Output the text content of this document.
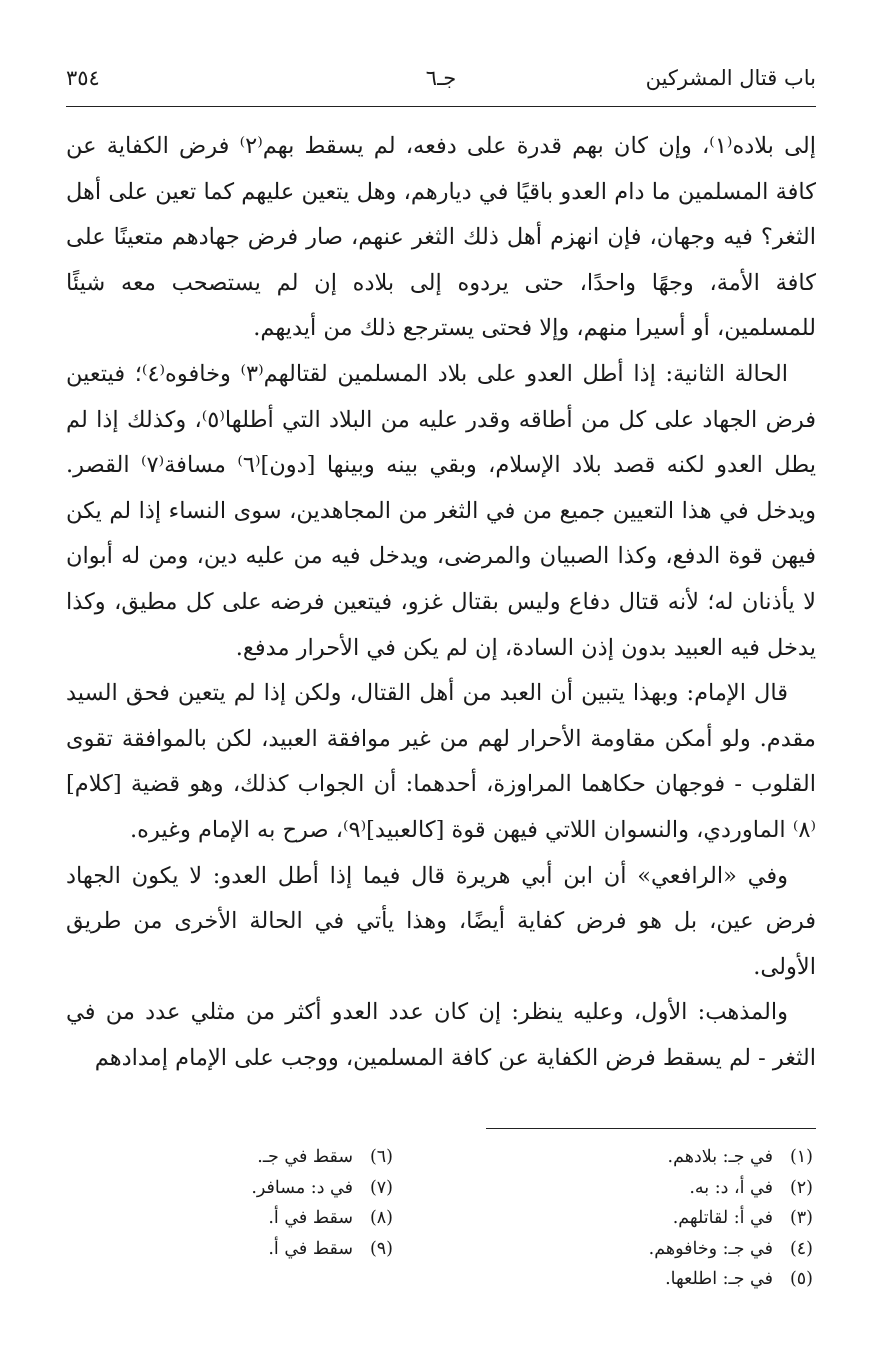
باب قتال المشركين
جـ٦
٣٥٤

إلى بلاده⁽١⁾، وإن كان بهم قدرة على دفعه، لم يسقط بهم⁽٢⁾ فرض الكفاية عن كافة المسلمين ما دام العدو باقيًا في ديارهم، وهل يتعين عليهم كما تعين على أهل الثغر؟ فيه وجهان، فإن انهزم أهل ذلك الثغر عنهم، صار فرض جهادهم متعينًا على كافة الأمة، وجهًا واحدًا، حتى يردوه إلى بلاده إن لم يستصحب معه شيئًا للمسلمين، أو أسيرا منهم، وإلا فحتى يسترجع ذلك من أيديهم.

الحالة الثانية: إذا أطل العدو على بلاد المسلمين لقتالهم⁽٣⁾ وخافوه⁽٤⁾؛ فيتعين فرض الجهاد على كل من أطاقه وقدر عليه من البلاد التي أطلها⁽٥⁾، وكذلك إذا لم يطل العدو لكنه قصد بلاد الإسلام، وبقي بينه وبينها [دون]⁽٦⁾ مسافة⁽٧⁾ القصر. ويدخل في هذا التعيين جميع من في الثغر من المجاهدين، سوى النساء إذا لم يكن فيهن قوة الدفع، وكذا الصبيان والمرضى، ويدخل فيه من عليه دين، ومن له أبوان لا يأذنان له؛ لأنه قتال دفاع وليس بقتال غزو، فيتعين فرضه على كل مطيق، وكذا يدخل فيه العبيد بدون إذن السادة، إن لم يكن في الأحرار مدفع.

قال الإمام: وبهذا يتبين أن العبد من أهل القتال، ولكن إذا لم يتعين فحق السيد مقدم. ولو أمكن مقاومة الأحرار لهم من غير موافقة العبيد، لكن بالموافقة تقوى القلوب - فوجهان حكاهما المراوزة، أحدهما: أن الجواب كذلك، وهو قضية [كلام]⁽٨⁾ الماوردي، والنسوان اللاتي فيهن قوة [كالعبيد]⁽٩⁾، صرح به الإمام وغيره.

وفي «الرافعي» أن ابن أبي هريرة قال فيما إذا أطل العدو: لا يكون الجهاد فرض عين، بل هو فرض كفاية أيضًا، وهذا يأتي في الحالة الأخرى من طريق الأولى.

والمذهب: الأول، وعليه ينظر: إن كان عدد العدو أكثر من مثلي عدد من في الثغر - لم يسقط فرض الكفاية عن كافة المسلمين، ووجب على الإمام إمدادهم

(١)في جـ: بلادهم.
(٢)في أ، د: به.
(٣)في أ: لقاتلهم.
(٤)في جـ: وخافوهم.
(٥)في جـ: اطلعها.
(٦)سقط في جـ.
(٧)في د: مسافر.
(٨)سقط في أ.
(٩)سقط في أ.
